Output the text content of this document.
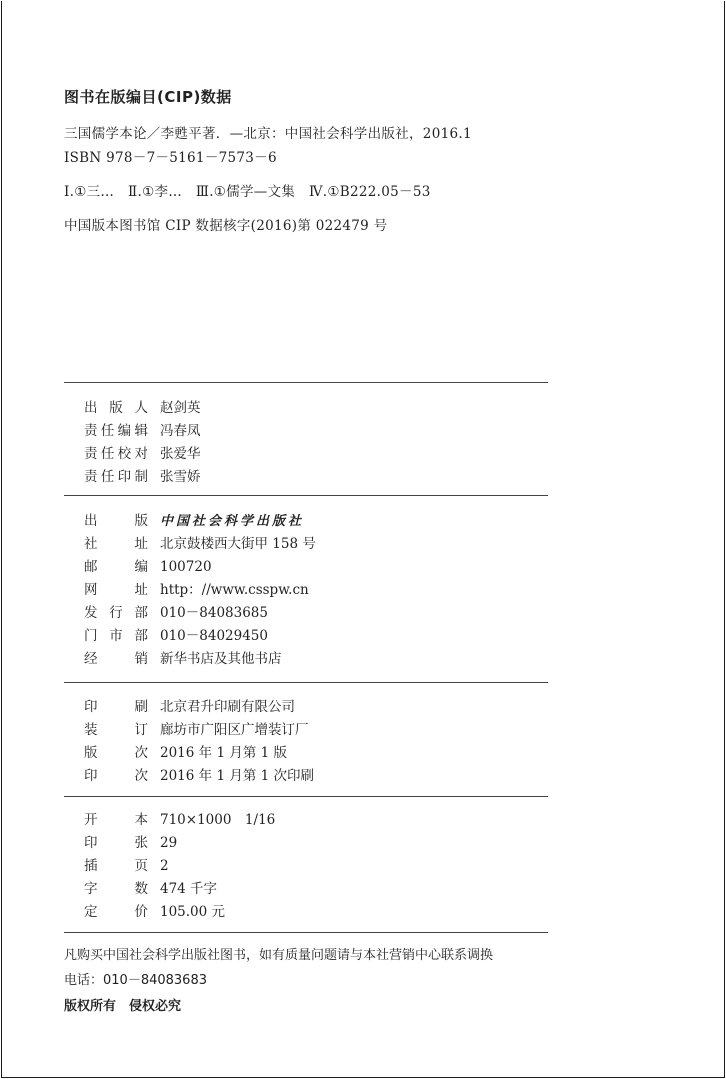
图书在版编目(CIP)数据
三国儒学本论／李甦平著．—北京：中国社会科学出版社，2016.1
ISBN 978－7－5161－7573－6
Ⅰ.①三…　Ⅱ.①李…　Ⅲ.①儒学—文集　Ⅳ.①B222.05－53
中国版本图书馆 CIP 数据核字(2016)第 022479 号
出 版 人 赵剑英
责 任 编 辑 冯春凤
责 任 校 对 张爱华
责 任 印 制 张雪娇
出	版 中国社会科学出版社
社	址 北京鼓楼西大街甲 158 号
邮	编 100720
网	址 http：//www.csspw.cn
发 行 部 010－84083685
门 市 部 010－84029450
经	销 新华书店及其他书店
印	刷 北京君升印刷有限公司
装	订 廊坊市广阳区广增装订厂
版	次 2016 年 1 月第 1 版
印	次 2016 年 1 月第 1 次印刷
开	本 710×1000　1/16
印	张 29
插	页 2
字	数 474 千字
定	价 105.00 元
凡购买中国社会科学出版社图书，如有质量问题请与本社营销中心联系调换
电话：010－84083683
版权所有　侵权必究
